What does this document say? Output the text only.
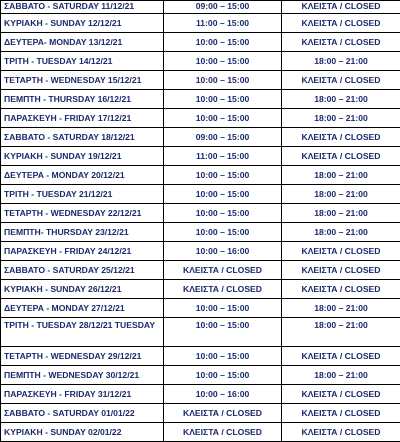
ΣΑΒΒΑΤΟ - SATURDAY 11/12/21	09:00 – 15:00	ΚΛΕΙΣΤΑ / CLOSED
ΚΥΡΙΑΚΗ - SUNDAY 12/12/21	11:00 – 15:00	ΚΛΕΙΣΤΑ / CLOSED
ΔΕΥΤΕΡΑ- MONDAY 13/12/21	10:00 – 15:00	ΚΛΕΙΣΤΑ / CLOSED
ΤΡΙΤΗ - TUESDAY 14/12/21	10:00 – 15:00	18:00 – 21:00
ΤΕΤΑΡΤΗ - WEDNESDAY 15/12/21	10:00 – 15:00	ΚΛΕΙΣΤΑ / CLOSED
ΠΕΜΠΤΗ - THURSDAY 16/12/21	10:00 – 15:00	18:00 – 21:00
ΠΑΡΑΣΚΕΥΗ - FRIDAY 17/12/21	10:00 – 15:00	18:00 – 21:00
ΣΑΒΒΑΤΟ - SATURDAY 18/12/21	09:00 – 15:00	ΚΛΕΙΣΤΑ / CLOSED
ΚΥΡΙΑΚΗ - SUNDAY 19/12/21	11:00 – 15:00	ΚΛΕΙΣΤΑ / CLOSED
ΔΕΥΤΕΡΑ - MONDAY 20/12/21	10:00 – 15:00	18:00 – 21:00
ΤΡΙΤΗ - TUESDAY 21/12/21	10:00 – 15:00	18:00 – 21:00
ΤΕΤΑΡΤΗ - WEDNESDAY 22/12/21	10:00 – 15:00	18:00 – 21:00
ΠΕΜΠΤΗ- THURSDAY 23/12/21	10:00 – 15:00	18:00 – 21:00
ΠΑΡΑΣΚΕΥΗ - FRIDAY 24/12/21	10:00 – 16:00	ΚΛΕΙΣΤΑ / CLOSED
ΣΑΒΒΑΤΟ - SATURDAY 25/12/21	ΚΛΕΙΣΤΑ / CLOSED	ΚΛΕΙΣΤΑ / CLOSED
ΚΥΡΙΑΚΗ - SUNDAY 26/12/21	ΚΛΕΙΣΤΑ / CLOSED	ΚΛΕΙΣΤΑ / CLOSED
ΔΕΥΤΕΡΑ - MONDAY 27/12/21	10:00 – 15:00	18:00 – 21:00
ΤΡΙΤΗ - TUESDAY 28/12/21 TUESDAY	10:00 – 15:00	18:00 – 21:00
ΤΕΤΑΡΤΗ - WEDNESDAY 29/12/21	10:00 – 15:00	ΚΛΕΙΣΤΑ / CLOSED
ΠΕΜΠΤΗ - WEDNESDAY 30/12/21	10:00 – 15:00	18:00 – 21:00
ΠΑΡΑΣΚΕΥΗ - FRIDAY 31/12/21	10:00 – 16:00	ΚΛΕΙΣΤΑ / CLOSED
ΣΑΒΒΑΤΟ - SATURDAY 01/01/22	ΚΛΕΙΣΤΑ / CLOSED	ΚΛΕΙΣΤΑ / CLOSED
ΚΥΡΙΑΚΗ - SUNDAY 02/01/22	ΚΛΕΙΣΤΑ / CLOSED	ΚΛΕΙΣΤΑ / CLOSED
